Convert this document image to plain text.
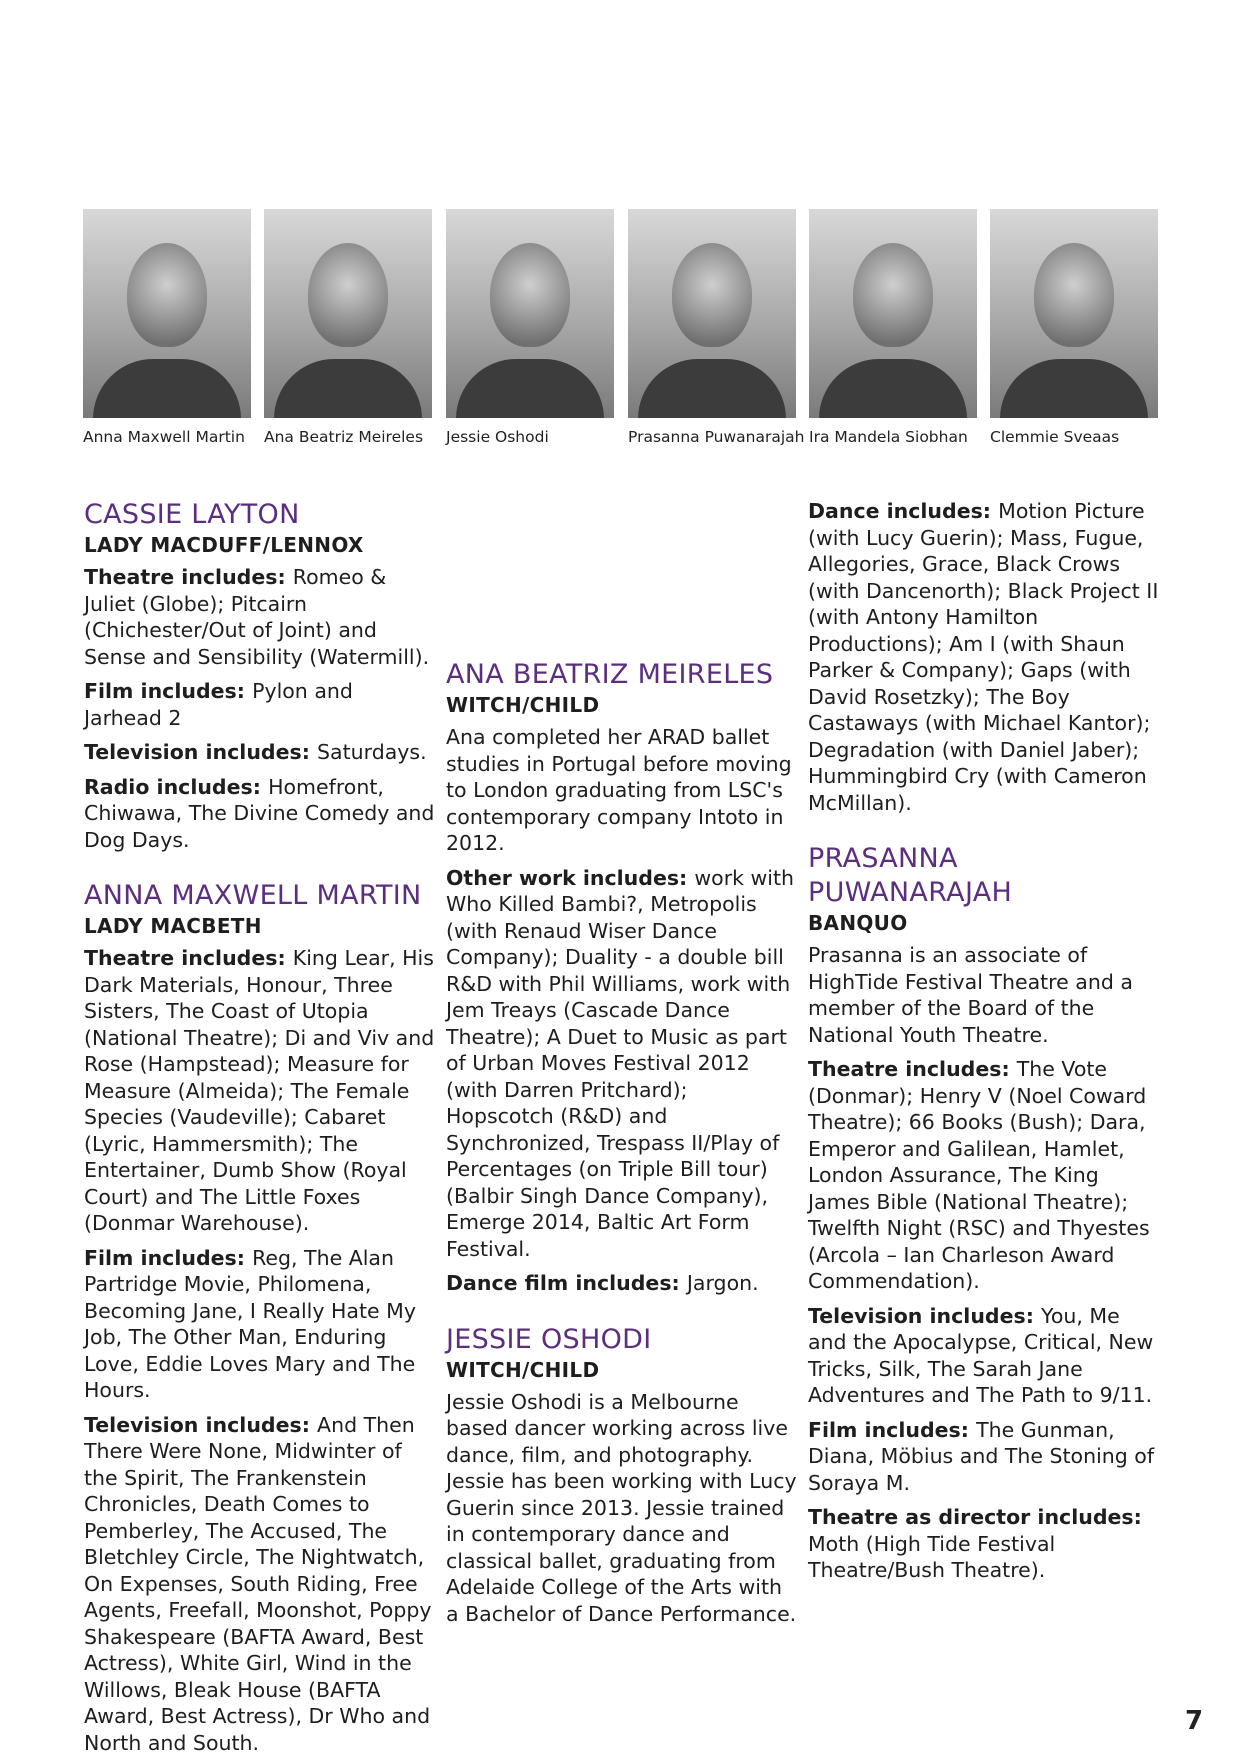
Anna Maxwell Martin Ana Beatriz Meireles Jessie Oshodi	Prasanna Puwanarajah Ira Mandela Siobhan Clemmie Sveaas
CASSIE LAYTON
LADY MACDUFF/LENNOX

Theatre includes: Romeo & Juliet (Globe); Pitcairn (Chichester/Out of Joint) and Sense and Sensibility (Watermill).

Film includes: Pylon and Jarhead 2

Television includes: Saturdays.

Radio includes: Homefront, Chiwawa, The Divine Comedy and Dog Days.

ANNA MAXWELL MARTIN
LADY MACBETH

Theatre includes: King Lear, His Dark Materials, Honour, Three Sisters, The Coast of Utopia (National Theatre); Di and Viv and Rose (Hampstead); Measure for Measure (Almeida); The Female Species (Vaudeville); Cabaret (Lyric, Hammersmith); The Entertainer, Dumb Show (Royal Court) and The Little Foxes (Donmar Warehouse).

Film includes: Reg, The Alan Partridge Movie, Philomena, Becoming Jane, I Really Hate My Job, The Other Man, Enduring Love, Eddie Loves Mary and The Hours.

Television includes: And Then There Were None, Midwinter of the Spirit, The Frankenstein Chronicles, Death Comes to Pemberley, The Accused, The Bletchley Circle, The Nightwatch, On Expenses, South Riding, Free Agents, Freefall, Moonshot, Poppy Shakespeare (BAFTA Award, Best Actress), White Girl, Wind in the Willows, Bleak House (BAFTA Award, Best Actress), Dr Who and North and South.

ANA BEATRIZ MEIRELES
WITCH/CHILD

Ana completed her ARAD ballet studies in Portugal before moving to London graduating from LSC's contemporary company Intoto in 2012.

Other work includes: work with Who Killed Bambi?, Metropolis (with Renaud Wiser Dance Company); Duality - a double bill R&D with Phil Williams, work with Jem Treays (Cascade Dance Theatre); A Duet to Music as part of Urban Moves Festival 2012 (with Darren Pritchard); Hopscotch (R&D) and Synchronized, Trespass II/Play of Percentages (on Triple Bill tour) (Balbir Singh Dance Company), Emerge 2014, Baltic Art Form Festival.

Dance film includes: Jargon.

JESSIE OSHODI
WITCH/CHILD

Jessie Oshodi is a Melbourne based dancer working across live dance, film, and photography. Jessie has been working with Lucy Guerin since 2013. Jessie trained in contemporary dance and classical ballet, graduating from Adelaide College of the Arts with a Bachelor of Dance Performance.

Dance includes: Motion Picture (with Lucy Guerin); Mass, Fugue, Allegories, Grace, Black Crows (with Dancenorth); Black Project II (with Antony Hamilton Productions); Am I (with Shaun Parker & Company); Gaps (with David Rosetzky); The Boy Castaways (with Michael Kantor); Degradation (with Daniel Jaber); Hummingbird Cry (with Cameron McMillan).

PRASANNA
PUWANARAJAH
BANQUO

Prasanna is an associate of HighTide Festival Theatre and a member of the Board of the National Youth Theatre.

Theatre includes: The Vote (Donmar); Henry V (Noel Coward Theatre); 66 Books (Bush); Dara, Emperor and Galilean, Hamlet, London Assurance, The King James Bible (National Theatre); Twelfth Night (RSC) and Thyestes (Arcola – Ian Charleson Award Commendation).

Television includes: You, Me and the Apocalypse, Critical, New Tricks, Silk, The Sarah Jane Adventures and The Path to 9/11.

Film includes: The Gunman, Diana, Möbius and The Stoning of Soraya M.

Theatre as director includes: Moth (High Tide Festival Theatre/Bush Theatre).

7
